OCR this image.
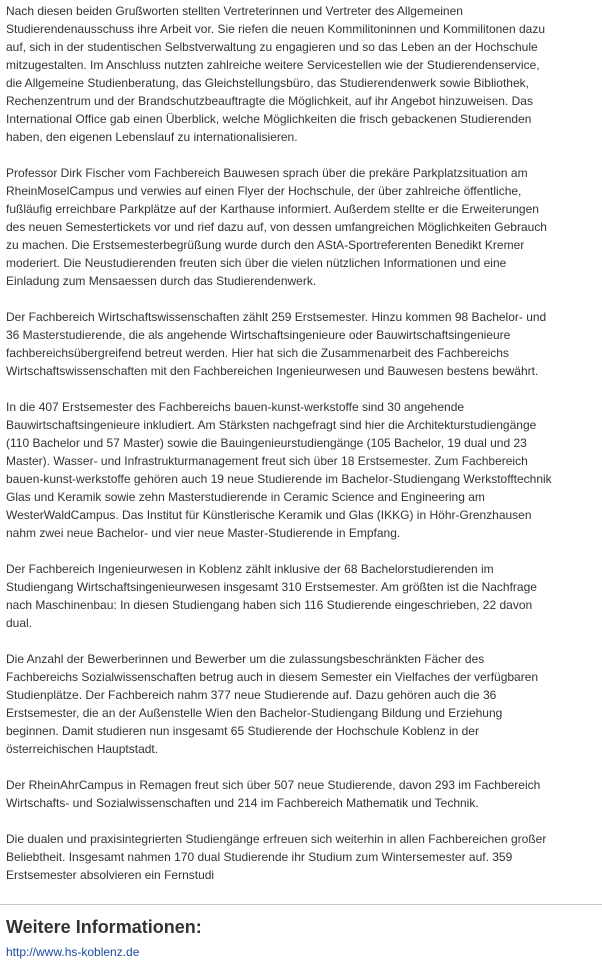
Nach diesen beiden Grußworten stellten Vertreterinnen und Vertreter des Allgemeinen
Studierendenausschuss ihre Arbeit vor. Sie riefen die neuen Kommilitoninnen und Kommilitonen dazu
auf, sich in der studentischen Selbstverwaltung zu engagieren und so das Leben an der Hochschule
mitzugestalten. Im Anschluss nutzten zahlreiche weitere Servicestellen wie der Studierendenservice,
die Allgemeine Studienberatung, das Gleichstellungsbüro, das Studierendenwerk sowie Bibliothek,
Rechenzentrum und der Brandschutzbeauftragte die Möglichkeit, auf ihr Angebot hinzuweisen. Das
International Office gab einen Überblick, welche Möglichkeiten die frisch gebackenen Studierenden
haben, den eigenen Lebenslauf zu internationalisieren.

Professor Dirk Fischer vom Fachbereich Bauwesen sprach über die prekäre Parkplatzsituation am
RheinMoselCampus und verwies auf einen Flyer der Hochschule, der über zahlreiche öffentliche,
fußläufig erreichbare Parkplätze auf der Karthause informiert. Außerdem stellte er die Erweiterungen
des neuen Semestertickets vor und rief dazu auf, von dessen umfangreichen Möglichkeiten Gebrauch
zu machen. Die Erstsemesterbegrüßung wurde durch den AStA-Sportreferenten Benedikt Kremer
moderiert. Die Neustudierenden freuten sich über die vielen nützlichen Informationen und eine
Einladung zum Mensaessen durch das Studierendenwerk.

Der Fachbereich Wirtschaftswissenschaften zählt 259 Erstsemester. Hinzu kommen 98 Bachelor- und
36 Masterstudierende, die als angehende Wirtschaftsingenieure oder Bauwirtschaftsingenieure
fachbereichsübergreifend betreut werden. Hier hat sich die Zusammenarbeit des Fachbereichs
Wirtschaftswissenschaften mit den Fachbereichen Ingenieurwesen und Bauwesen bestens bewährt.

In die 407 Erstsemester des Fachbereichs bauen-kunst-werkstoffe sind 30 angehende
Bauwirtschaftsingenieure inkludiert. Am Stärksten nachgefragt sind hier die Architekturstudiengänge
(110 Bachelor und 57 Master) sowie die Bauingenieurstudiengänge (105 Bachelor, 19 dual und 23
Master). Wasser- und Infrastrukturmanagement freut sich über 18 Erstsemester. Zum Fachbereich
bauen-kunst-werkstoffe gehören auch 19 neue Studierende im Bachelor-Studiengang Werkstofftechnik
Glas und Keramik sowie zehn Masterstudierende in Ceramic Science and Engineering am
WesterWaldCampus. Das Institut für Künstlerische Keramik und Glas (IKKG) in Höhr-Grenzhausen
nahm zwei neue Bachelor- und vier neue Master-Studierende in Empfang.

Der Fachbereich Ingenieurwesen in Koblenz zählt inklusive der 68 Bachelorstudierenden im
Studiengang Wirtschaftsingenieurwesen insgesamt 310 Erstsemester. Am größten ist die Nachfrage
nach Maschinenbau: In diesen Studiengang haben sich 116 Studierende eingeschrieben, 22 davon
dual.

Die Anzahl der Bewerberinnen und Bewerber um die zulassungsbeschränkten Fächer des
Fachbereichs Sozialwissenschaften betrug auch in diesem Semester ein Vielfaches der verfügbaren
Studienplätze. Der Fachbereich nahm 377 neue Studierende auf. Dazu gehören auch die 36
Erstsemester, die an der Außenstelle Wien den Bachelor-Studiengang Bildung und Erziehung
beginnen. Damit studieren nun insgesamt 65 Studierende der Hochschule Koblenz in der
österreichischen Hauptstadt.

Der RheinAhrCampus in Remagen freut sich über 507 neue Studierende, davon 293 im Fachbereich
Wirtschafts- und Sozialwissenschaften und 214 im Fachbereich Mathematik und Technik.

Die dualen und praxisintegrierten Studiengänge erfreuen sich weiterhin in allen Fachbereichen großer
Beliebtheit. Insgesamt nahmen 170 dual Studierende ihr Studium zum Wintersemester auf. 359
Erstsemester absolvieren ein Fernstudi

Weitere Informationen:
http://www.hs-koblenz.de
